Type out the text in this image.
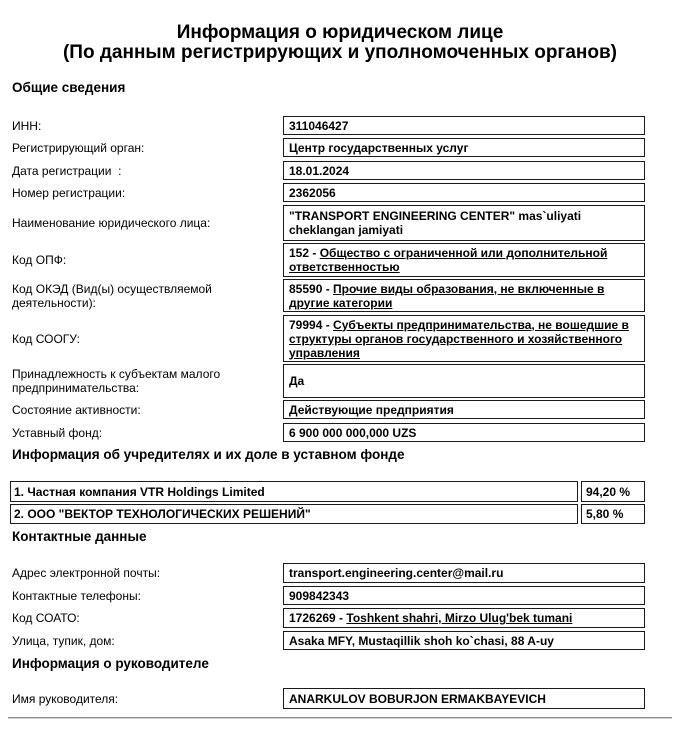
Информация о юридическом лице
(По данным регистрирующих и уполномоченных органов)
Общие сведения
ИНН:	311046427
Регистрирующий орган:	Центр государственных услуг
Дата регистрации  :	18.01.2024
Номер регистрации:	2362056
Наименование юридического лица:	"TRANSPORT ENGINEERING CENTER" mas`uliyati cheklangan jamiyati
Код ОПФ:	152 - Общество с ограниченной или дополнительной ответственностью
Код ОКЭД (Вид(ы) осуществляемой деятельности):
85590 - Прочие виды образования, не включенные в другие категории
Код СООГУ:
79994 - Субъекты предпринимательства, не вошедшие в структуры органов государственного и хозяйственного управления
Принадлежность к субъектам малого предпринимательства:	Да
Состояние активности:	Действующие предприятия
Уставный фонд:	6 900 000 000,000 UZS
Информация об учредителях и их доле в уставном фонде
1. Частная компания VTR Holdings Limited	94,20 %
2. ООО "ВЕКТОР ТЕХНОЛОГИЧЕСКИХ РЕШЕНИЙ"	5,80 %
Контактные данные
Адрес электронной почты:	transport.engineering.center@mail.ru
Контактные телефоны:	909842343
Код СОАТО:	1726269 - Toshkent shahri, Mirzo Ulug'bek tumani
Улица, тупик, дом:	Asaka MFY, Mustaqillik shoh ko`chasi, 88 A-uy
Информация о руководителе
Имя руководителя:	ANARKULOV BOBURJON ERMAKBAYEVICH
